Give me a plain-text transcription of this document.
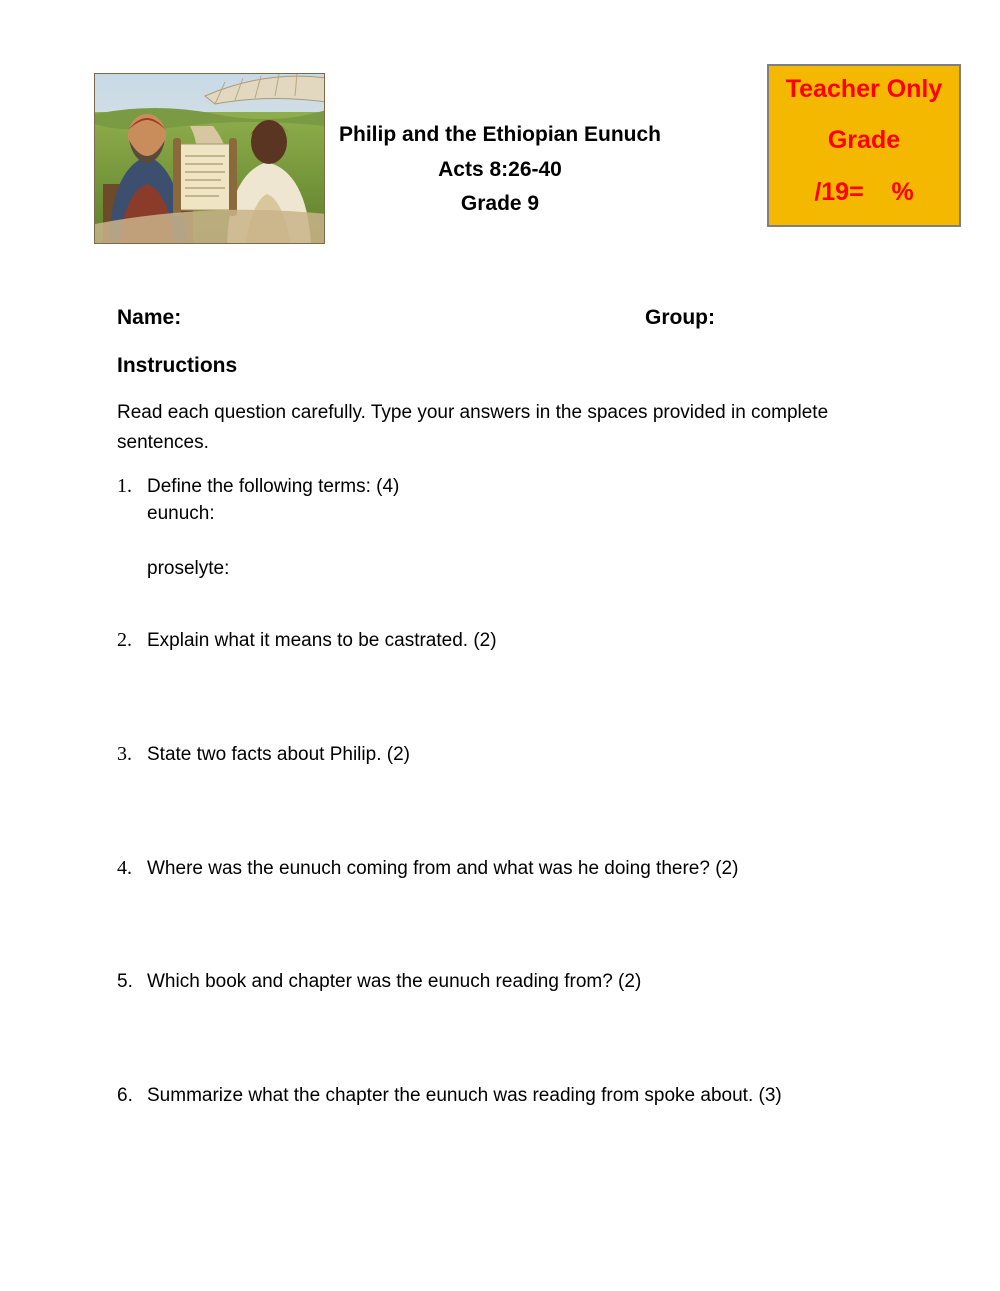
Philip and the Ethiopian Eunuch
Acts 8:26-40
Grade 9
Teacher Only
Grade
/19=    %
Name:	Group:
Instructions
Read each question carefully. Type your answers in the spaces provided in complete sentences.
1. Define the following terms: (4)
eunuch:
proselyte:
2. Explain what it means to be castrated. (2)
3. State two facts about Philip. (2)
4. Where was the eunuch coming from and what was he doing there? (2)
5. Which book and chapter was the eunuch reading from? (2)
6. Summarize what the chapter the eunuch was reading from spoke about. (3)
